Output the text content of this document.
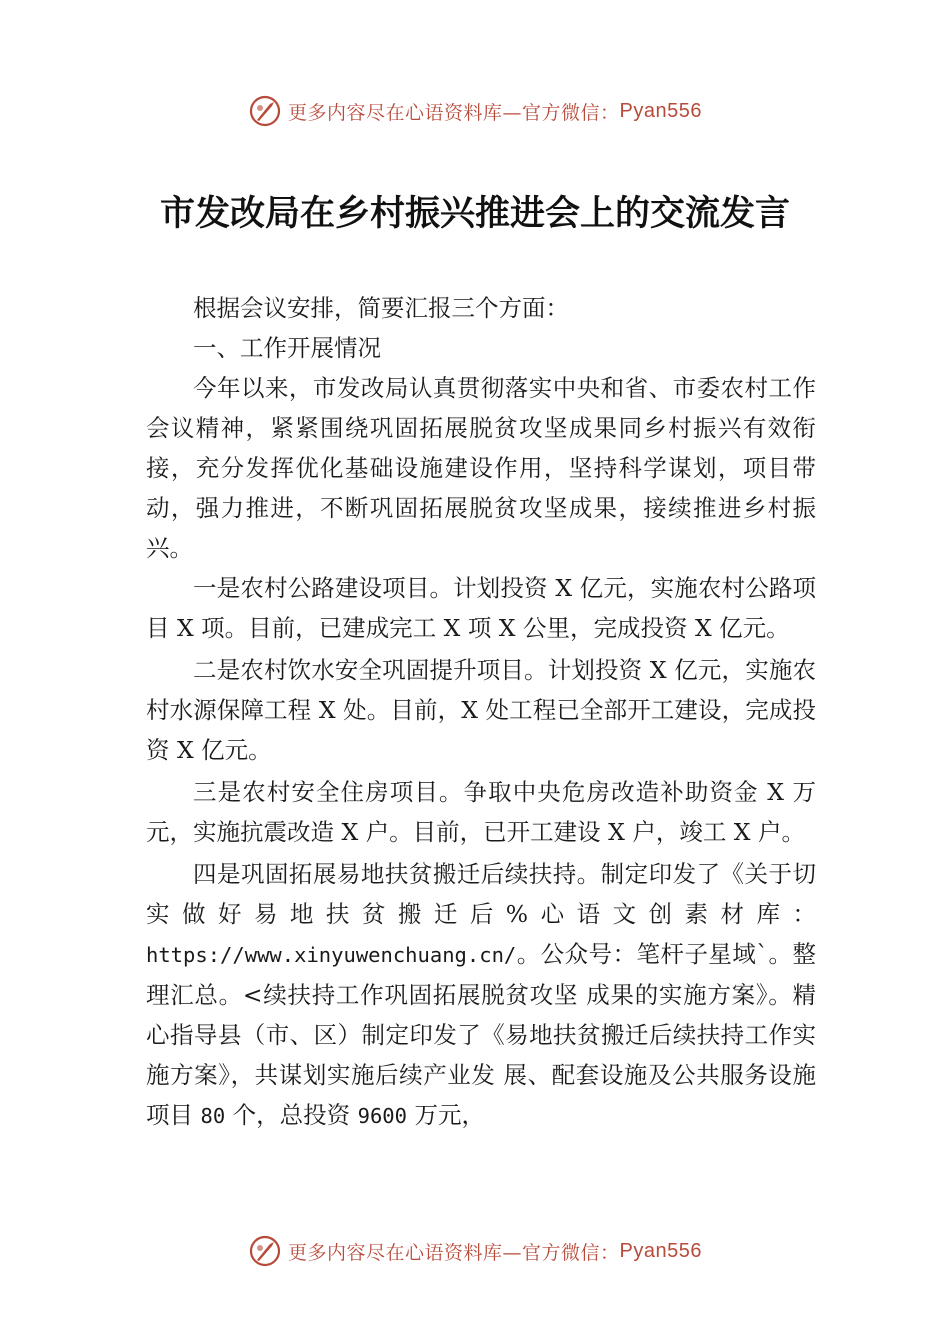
更多内容尽在心语资料库—官方微信： Pyan556
市发改局在乡村振兴推进会上的交流发言

根据会议安排，简要汇报三个方面：

一、工作开展情况

今年以来，市发改局认真贯彻落实中央和省、市委农村工作会议精神，紧紧围绕巩固拓展脱贫攻坚成果同乡村振兴有效衔接，充分发挥优化基础设施建设作用，坚持科学谋划，项目带动，强力推进，不断巩固拓展脱贫攻坚成果，接续推进乡村振兴。

一是农村公路建设项目。计划投资 X 亿元，实施农村公路项目 X 项。目前，已建成完工 X 项 X 公里，完成投资 X 亿元。

二是农村饮水安全巩固提升项目。计划投资 X 亿元，实施农村水源保障工程 X 处。目前，X 处工程已全部开工建设，完成投资 X 亿元。

三是农村安全住房项目。争取中央危房改造补助资金 X 万元，实施抗震改造 X 户。目前，已开工建设 X 户，竣工 X 户。

四是巩固拓展易地扶贫搬迁后续扶持。制定印发了《关于切实做好易地扶贫搬迁后%心语文创素材库：https://www.xinyuwenchuang.cn/。公众号：笔杆子星域`。整理汇总。<续扶持工作巩固拓展脱贫攻坚 成果的实施方案》。精心指导县（市、区）制定印发了《易地扶贫搬迁后续扶持工作实施方案》，共谋划实施后续产业发 展、配套设施及公共服务设施项目 80 个，总投资 9600 万元，

更多内容尽在心语资料库—官方微信： Pyan556
